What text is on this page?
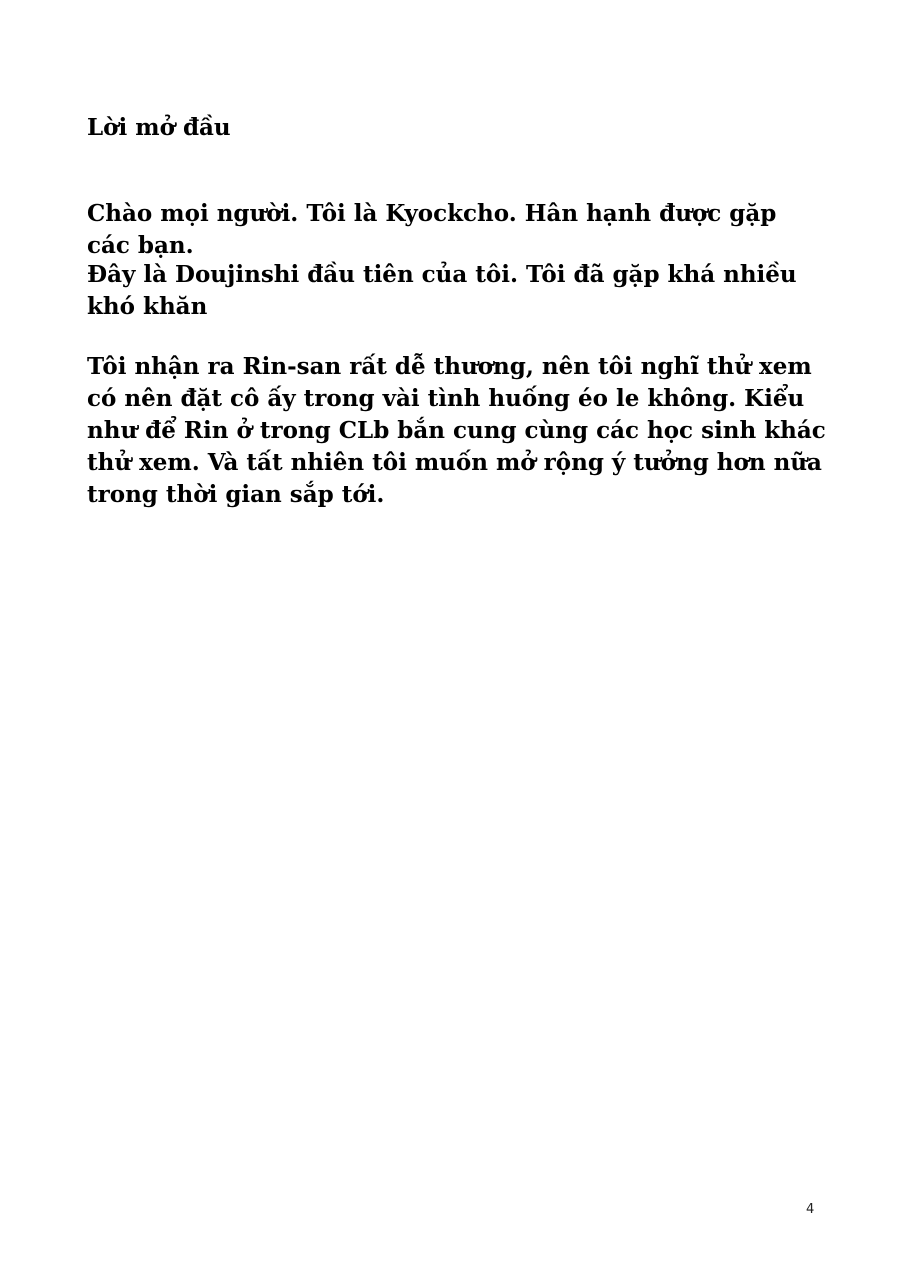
Lời mở đầu

Chào mọi người. Tôi là Kyockcho. Hân hạnh được gặp các bạn.

Đây là Doujinshi đầu tiên của tôi. Tôi đã gặp khá nhiều khó khăn

Tôi nhận ra Rin-san rất dễ thương, nên tôi nghĩ thử xem có nên đặt cô ấy trong vài tình huống éo le không. Kiểu như để Rin ở trong CLb bắn cung cùng các học sinh khác thử xem. Và tất nhiên tôi muốn mở rộng ý tưởng hơn nữa trong thời gian sắp tới.

4
